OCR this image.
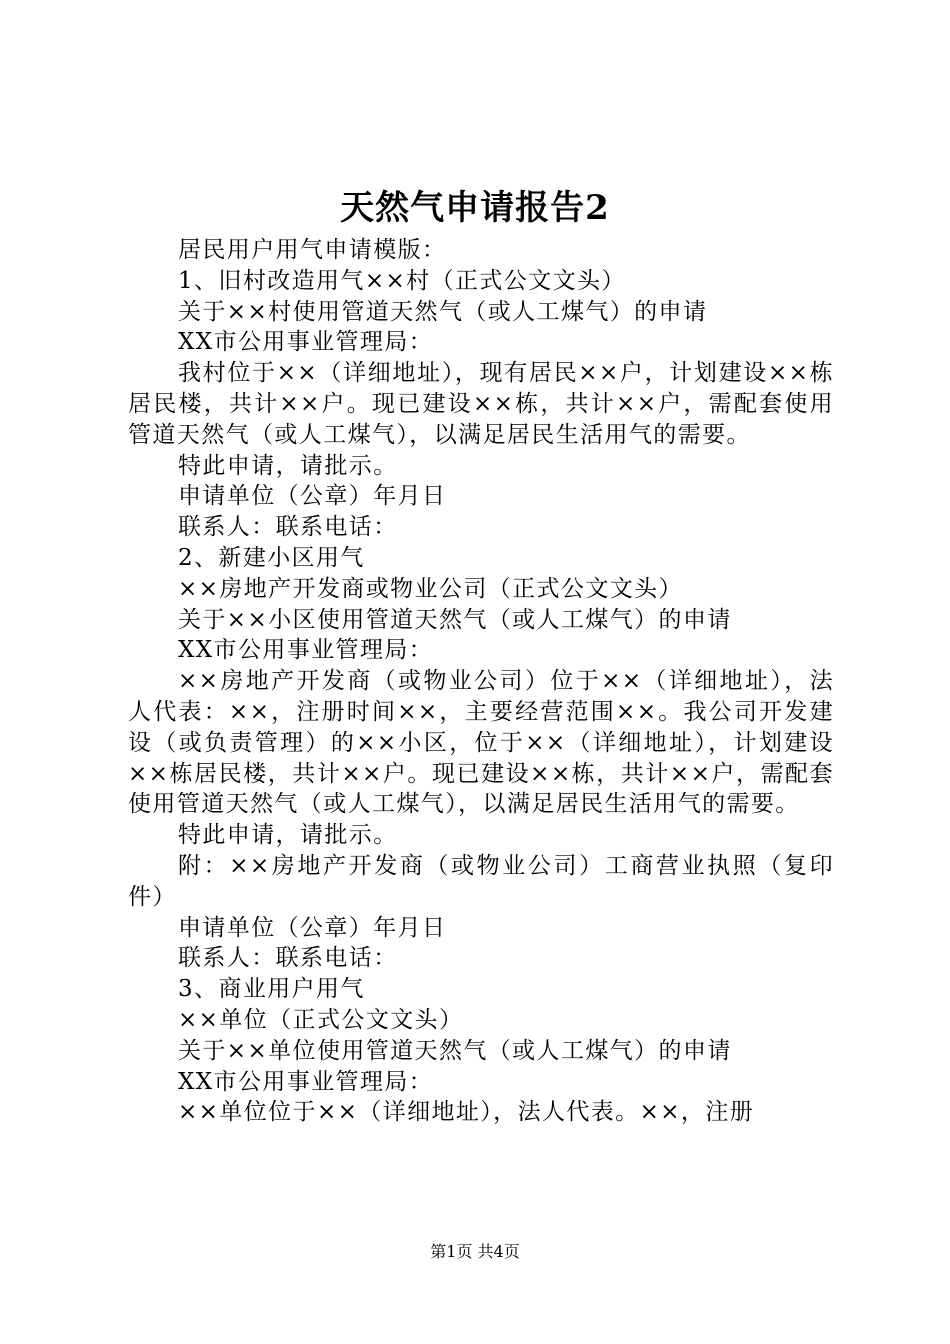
天然气申请报告2

居民用户用气申请模版：

1、旧村改造用气××村（正式公文文头）

关于××村使用管道天然气（或人工煤气）的申请

XX市公用事业管理局：

我村位于××（详细地址），现有居民××户，计划建设××栋居民楼，共计××户。现已建设××栋，共计××户，需配套使用管道天然气（或人工煤气），以满足居民生活用气的需要。

特此申请，请批示。

申请单位（公章）年月日

联系人：联系电话：

2、新建小区用气

××房地产开发商或物业公司（正式公文文头）

关于××小区使用管道天然气（或人工煤气）的申请

XX市公用事业管理局：

××房地产开发商（或物业公司）位于××（详细地址），法人代表：××，注册时间××，主要经营范围××。我公司开发建设（或负责管理）的××小区，位于××（详细地址），计划建设××栋居民楼，共计××户。现已建设××栋，共计××户，需配套使用管道天然气（或人工煤气），以满足居民生活用气的需要。

特此申请，请批示。

附：××房地产开发商（或物业公司）工商营业执照（复印件）

申请单位（公章）年月日

联系人：联系电话：

3、商业用户用气

××单位（正式公文文头）

关于××单位使用管道天然气（或人工煤气）的申请

XX市公用事业管理局：

××单位位于××（详细地址），法人代表。××，注册

第1页 共4页
